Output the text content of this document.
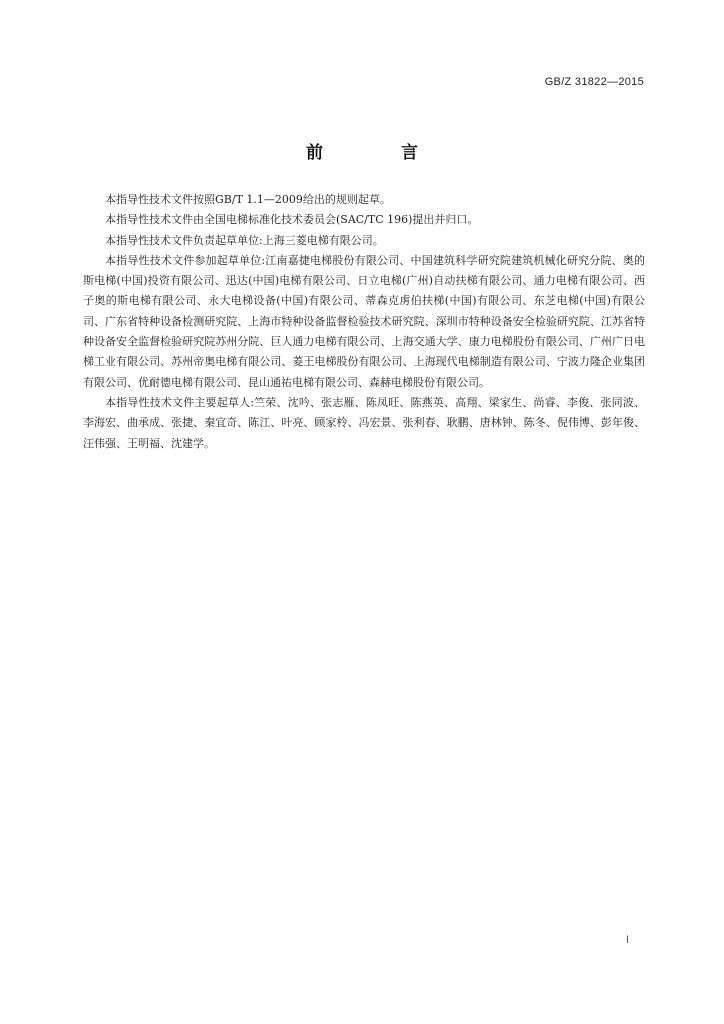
GB/Z 31822—2015
前 言

本指导性技术文件按照GB/T 1.1—2009给出的规则起草。

本指导性技术文件由全国电梯标准化技术委员会(SAC/TC 196)提出并归口。

本指导性技术文件负责起草单位:上海三菱电梯有限公司。

本指导性技术文件参加起草单位:江南嘉捷电梯股份有限公司、中国建筑科学研究院建筑机械化研究分院、奥的斯电梯(中国)投资有限公司、迅达(中国)电梯有限公司、日立电梯(广州)自动扶梯有限公司、通力电梯有限公司、西子奥的斯电梯有限公司、永大电梯设备(中国)有限公司、蒂森克虏伯扶梯(中国)有限公司、东芝电梯(中国)有限公司、广东省特种设备检测研究院、上海市特种设备监督检验技术研究院、深圳市特种设备安全检验研究院、江苏省特种设备安全监督检验研究院苏州分院、巨人通力电梯有限公司、上海交通大学、康力电梯股份有限公司、广州广日电梯工业有限公司、苏州帝奥电梯有限公司、菱王电梯股份有限公司、上海现代电梯制造有限公司、宁波力隆企业集团有限公司、优耐德电梯有限公司、昆山通祐电梯有限公司、森赫电梯股份有限公司。

本指导性技术文件主要起草人:竺荣、沈吟、张志雁、陈凤旺、陈燕英、高翔、梁家生、尚睿、李俊、张同波、李海宏、曲承成、张捷、秦宜奇、陈江、叶亮、顾家柃、冯宏景、张利春、耿鹏、唐林钟、陈冬、倪伟博、彭年俊、汪伟强、王明福、沈建学。

I
